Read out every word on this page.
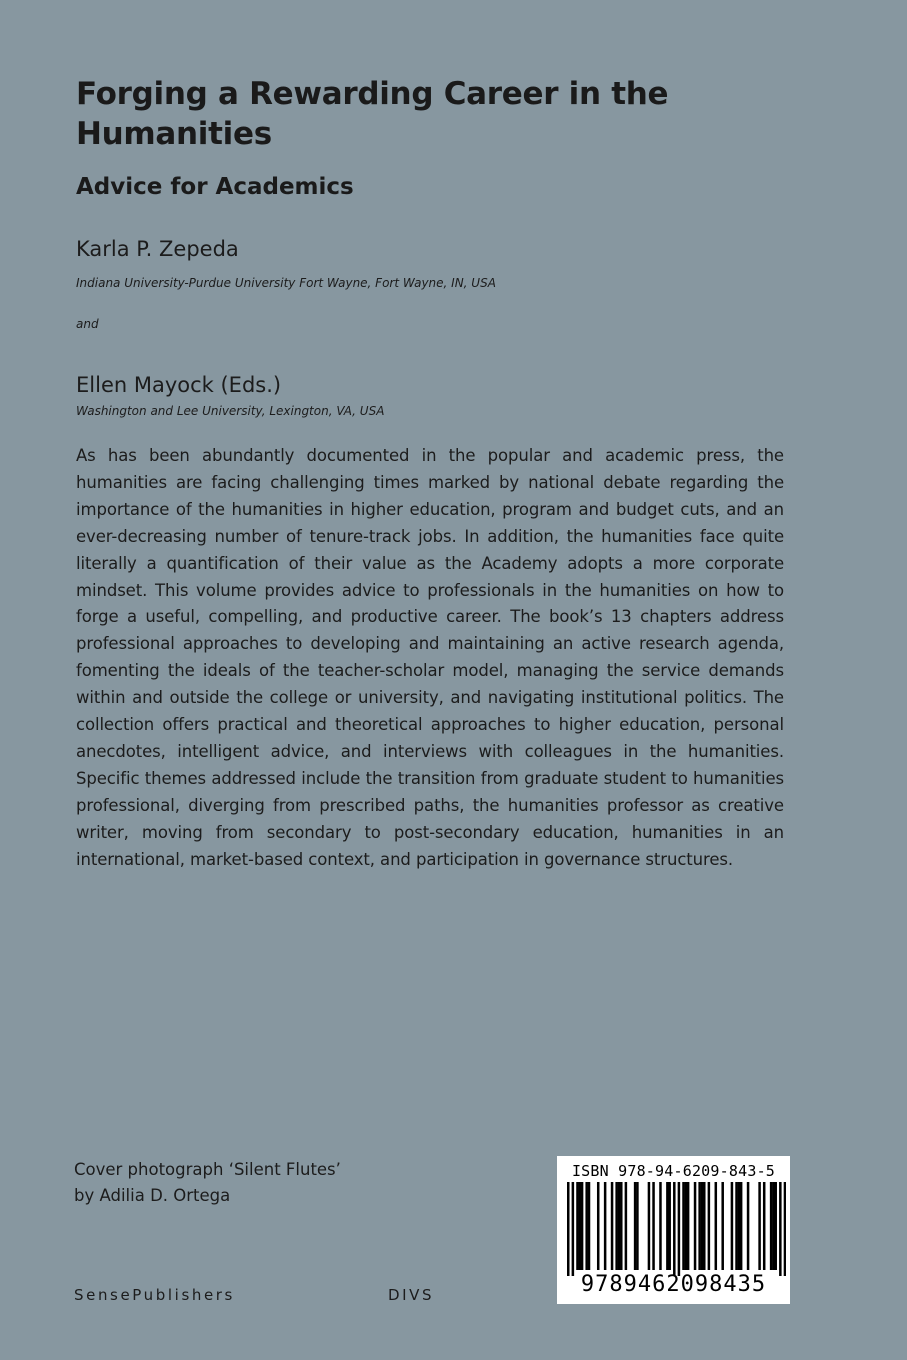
Forging a Rewarding Career in the Humanities
Advice for Academics
Karla P. Zepeda
Indiana University-Purdue University Fort Wayne, Fort Wayne, IN, USA
and
Ellen Mayock (Eds.)
Washington and Lee University, Lexington, VA, USA

As has been abundantly documented in the popular and academic press, the humanities are facing challenging times marked by national debate regarding the importance of the humanities in higher education, program and budget cuts, and an ever-decreasing number of tenure-track jobs. In addition, the humanities face quite literally a quantification of their value as the Academy adopts a more corporate mindset. This volume provides advice to professionals in the humanities on how to forge a useful, compelling, and productive career. The book’s 13 chapters address professional approaches to developing and maintaining an active research agenda, fomenting the ideals of the teacher-scholar model, managing the service demands within and outside the college or university, and navigating institutional politics. The collection offers practical and theoretical approaches to higher education, personal anecdotes, intelligent advice, and interviews with colleagues in the humanities. Specific themes addressed include the transition from graduate student to humanities professional, diverging from prescribed paths, the humanities professor as creative writer, moving from secondary to post-secondary education, humanities in an international, market-based context, and participation in governance structures.

Cover photograph ‘Silent Flutes’
by Adilia D. Ortega
SensePublishers	DIVS
ISBN 978-94-6209-843-5
9789462098435
